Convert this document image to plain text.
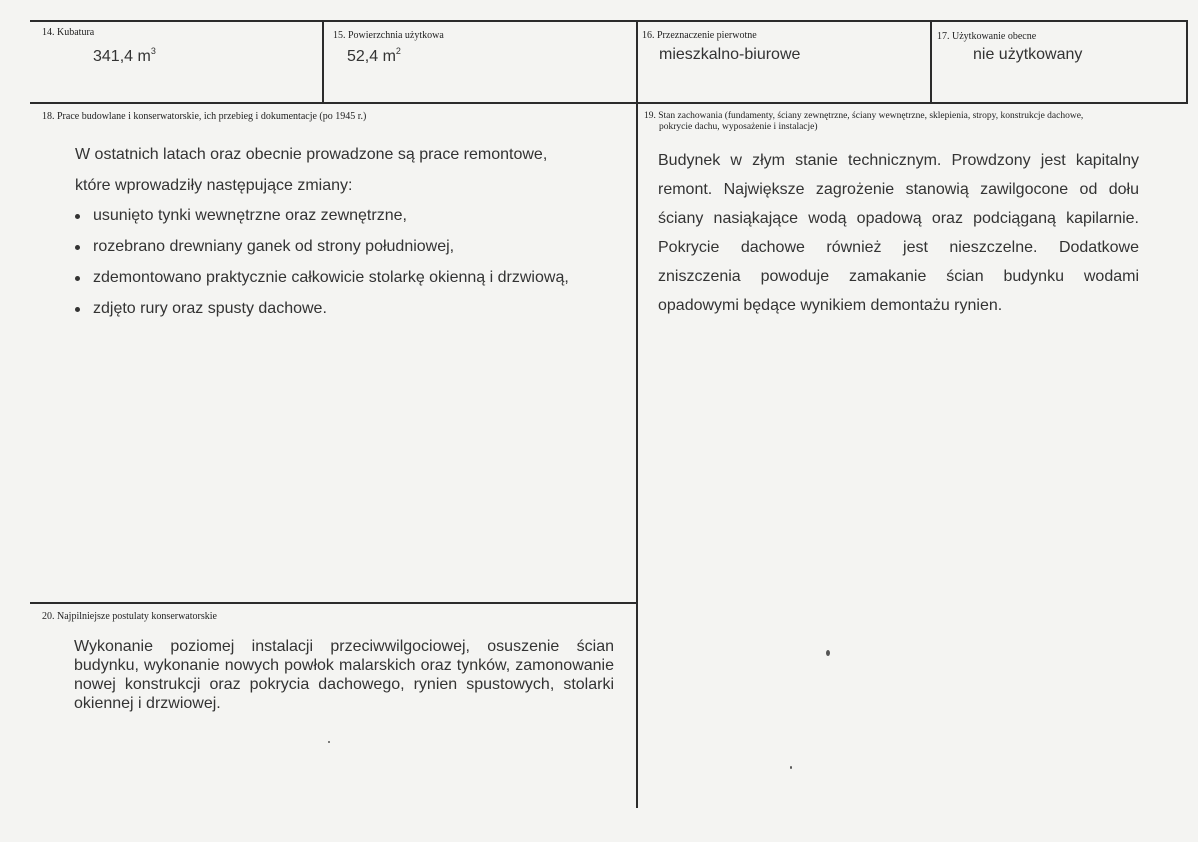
14. Kubatura
341,4 $m^3$
15. Powierzchnia użytkowa
52,4 $m^2$
16. Przeznaczenie pierwotne
mieszkalno-biurowe
17. Użytkowanie obecne
nie użytkowany
18. Prace budowlane i konserwatorskie, ich przebieg i dokumentacje (po 1945 r.)
W ostatnich latach oraz obecnie prowadzone są prace remontowe,
które wprowadziły następujące zmiany:
usunięto tynki wewnętrzne oraz zewnętrzne,
rozebrano drewniany ganek od strony południowej,
zdemontowano praktycznie całkowicie stolarkę okienną i drzwiową,
zdjęto rury oraz spusty dachowe.
19. Stan zachowania (fundamenty, ściany zewnętrzne, ściany wewnętrzne, sklepienia, stropy, konstrukcje dachowe,
pokrycie dachu, wyposażenie i instalacje)
Budynek w złym stanie technicznym. Prowdzony jest kapitalny remont. Największe zagrożenie stanowią zawilgocone od dołu ściany nasiąkające wodą opadową oraz podciąganą kapilarnie. Pokrycie dachowe również jest nieszczelne. Dodatkowe zniszczenia powoduje zamakanie ścian budynku wodami opadowymi będące wynikiem demontażu rynien.
20. Najpilniejsze postulaty konserwatorskie
Wykonanie poziomej instalacji przeciwwilgociowej, osuszenie ścian budynku, wykonanie nowych powłok malarskich oraz tynków, zamonowanie nowej konstrukcji oraz pokrycia dachowego, rynien spustowych, stolarki okiennej i drzwiowej.
